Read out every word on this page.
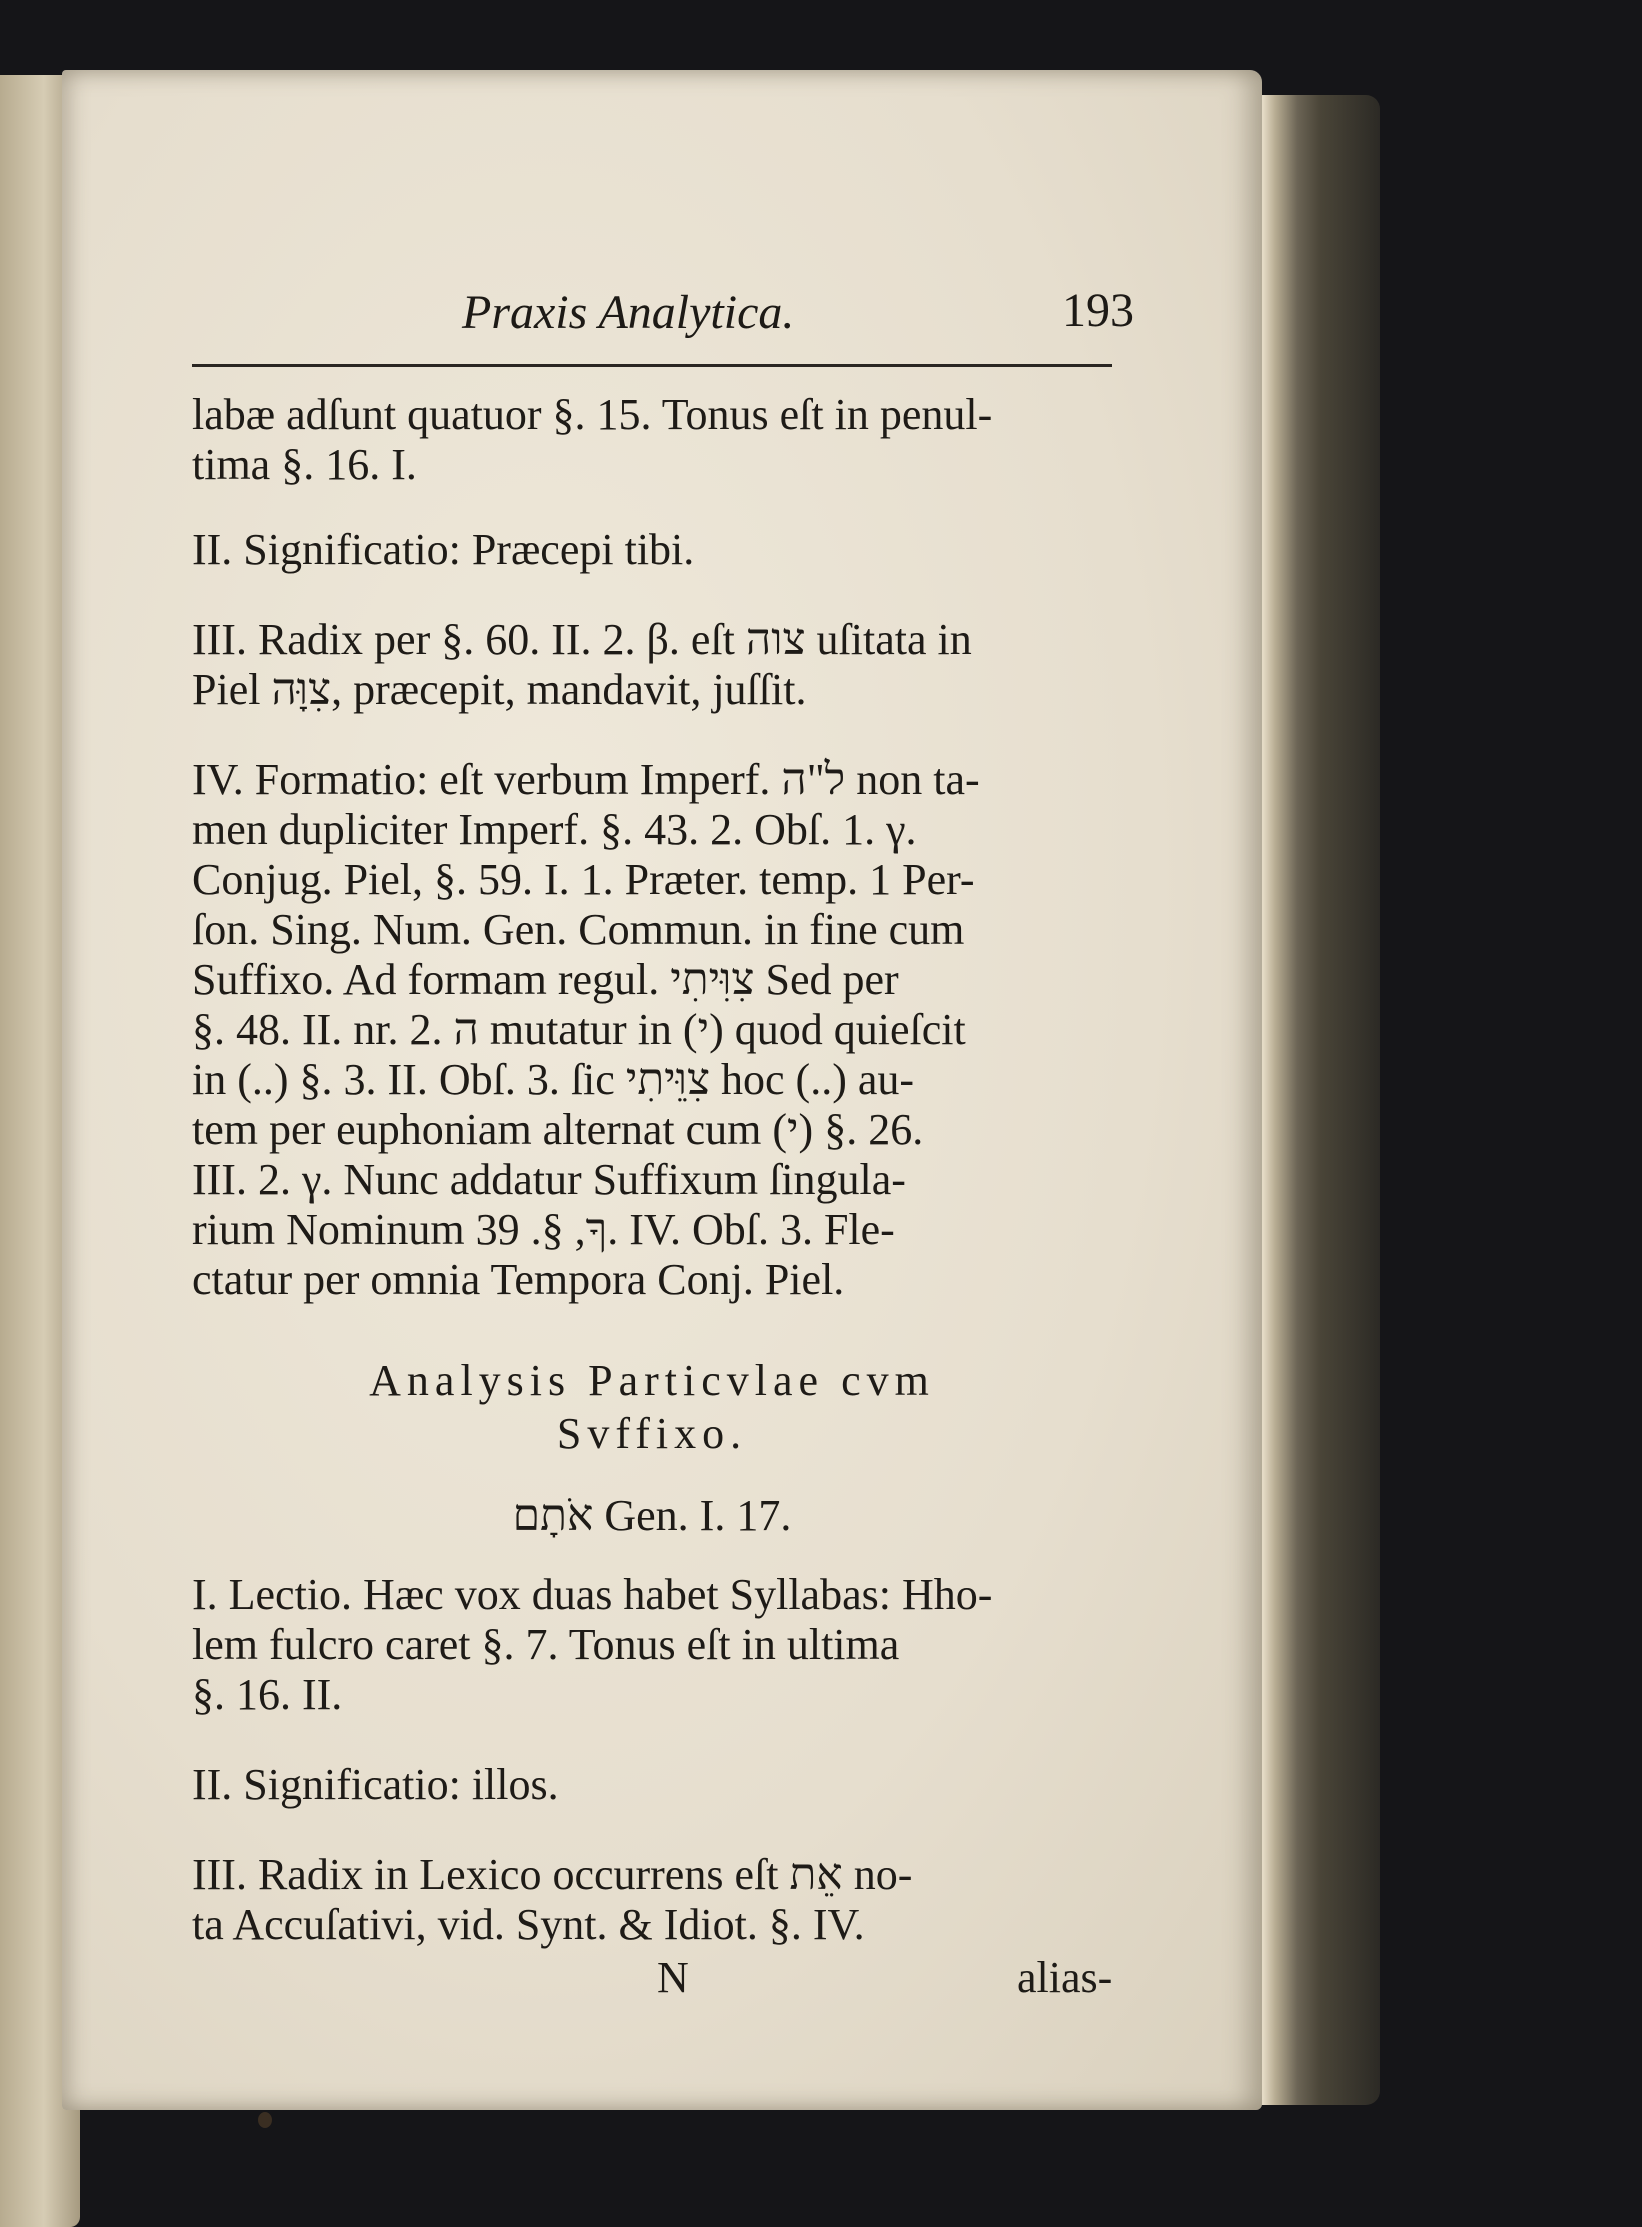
Praxis Analytica.	193
labæ adſunt quatuor §. 15. Tonus eſt in penul-
tima §. 16. I.
II. Significatio: Præcepi tibi.
III. Radix per §. 60. II. 2. β. eſt צוה uſitata in
Piel צִוָּה, præcepit, mandavit, juſſit.
IV. Formatio: eſt verbum Imperf. ל"ה non ta-
men dupliciter Imperf. §. 43. 2. Obſ. 1. γ.
Conjug. Piel, §. 59. I. 1. Præter. temp. 1 Per-
ſon. Sing. Num. Gen. Commun. in fine cum
Suffixo. Ad formam regul. צִוִּיתִי Sed per
§. 48. II. nr. 2. ה mutatur in (י) quod quieſcit
in (..) §. 3. II. Obſ. 3. ſic צִוֵּיתִי hoc (..) au-
tem per euphoniam alternat cum (י) §. 26.
III. 2. γ. Nunc addatur Suffixum ſingula-
rium Nominum ךָ, §. 39. IV. Obſ. 3. Fle-
ctatur per omnia Tempora Conj. Piel.
Analysis Particvlae cvm
Svffixo.
אֹתָם Gen. I. 17.
I. Lectio. Hæc vox duas habet Syllabas: Hho-
lem fulcro caret §. 7. Tonus eſt in ultima
§. 16. II.
II. Significatio: illos.
III. Radix in Lexico occurrens eſt אֵת no-
ta Accuſativi, vid. Synt. & Idiot. §. IV.
N	alias-
